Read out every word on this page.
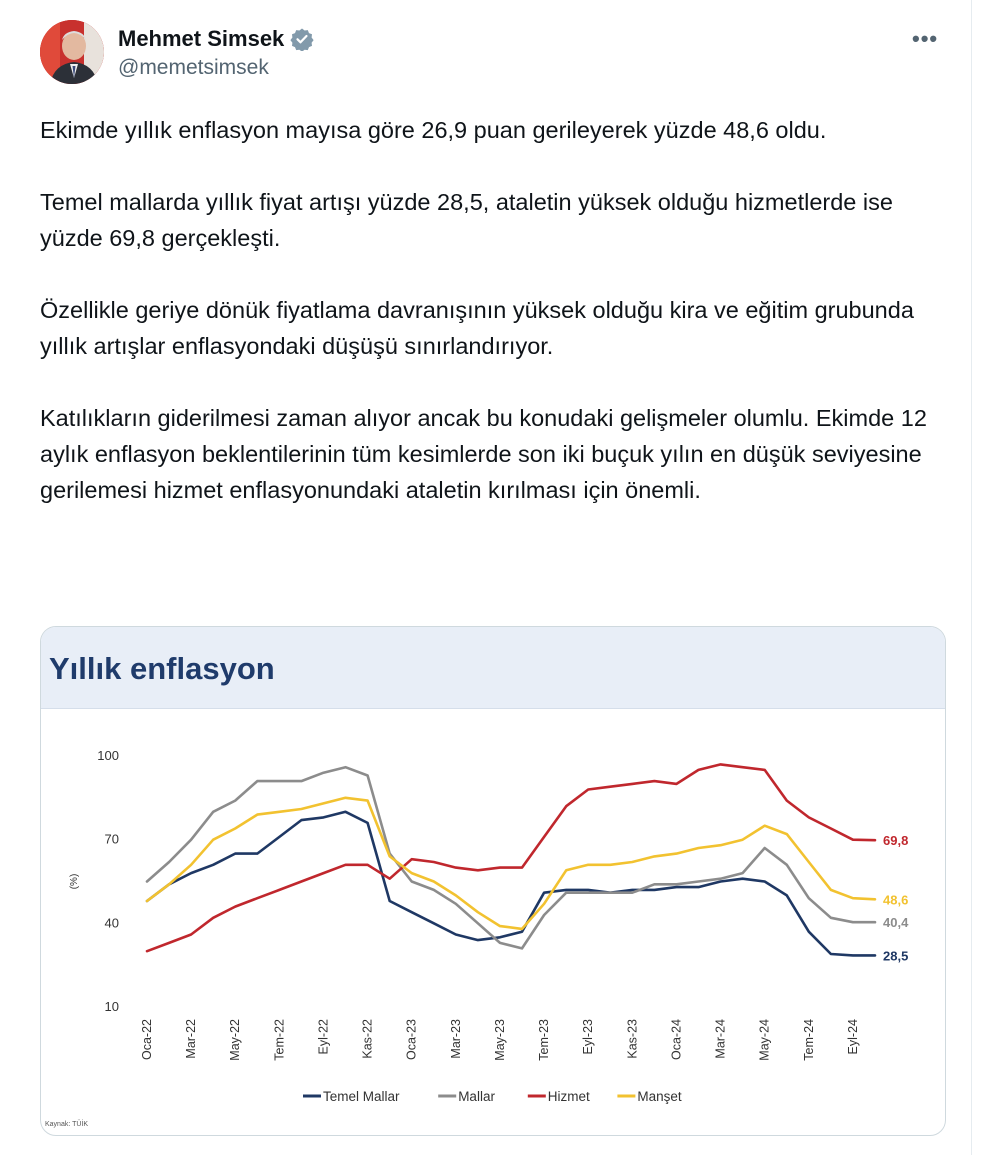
Mehmet Simsek
@memetsimsek
•••

Ekimde yıllık enflasyon mayısa göre 26,9 puan gerileyerek yüzde 48,6 oldu.

Temel mallarda yıllık fiyat artışı yüzde 28,5, ataletin yüksek olduğu hizmetlerde ise yüzde 69,8 gerçekleşti.

Özellikle geriye dönük fiyatlama davranışının yüksek olduğu kira ve eğitim grubunda yıllık artışlar enflasyondaki düşüşü sınırlandırıyor.

Katılıkların giderilmesi zaman alıyor ancak bu konudaki gelişmeler olumlu. Ekimde 12 aylık enflasyon beklentilerinin tüm kesimlerde son iki buçuk yılın en düşük seviyesine gerilemesi hizmet enflasyonundaki ataletin kırılması için önemli.

Yıllık enflasyon
10
40
70
100
(%)
Oca-22 Mar-22 May-22 Tem-22 Eyl-22 Kas-22 Oca-23 Mar-23 May-23 Tem-23 Eyl-23 Kas-23 Oca-24 Mar-24 May-24 Tem-24 Eyl-24
28,5
40,4
69,8
48,6
Temel Mallar	Mallar	Hizmet	Manşet
Kaynak: TÜİK
